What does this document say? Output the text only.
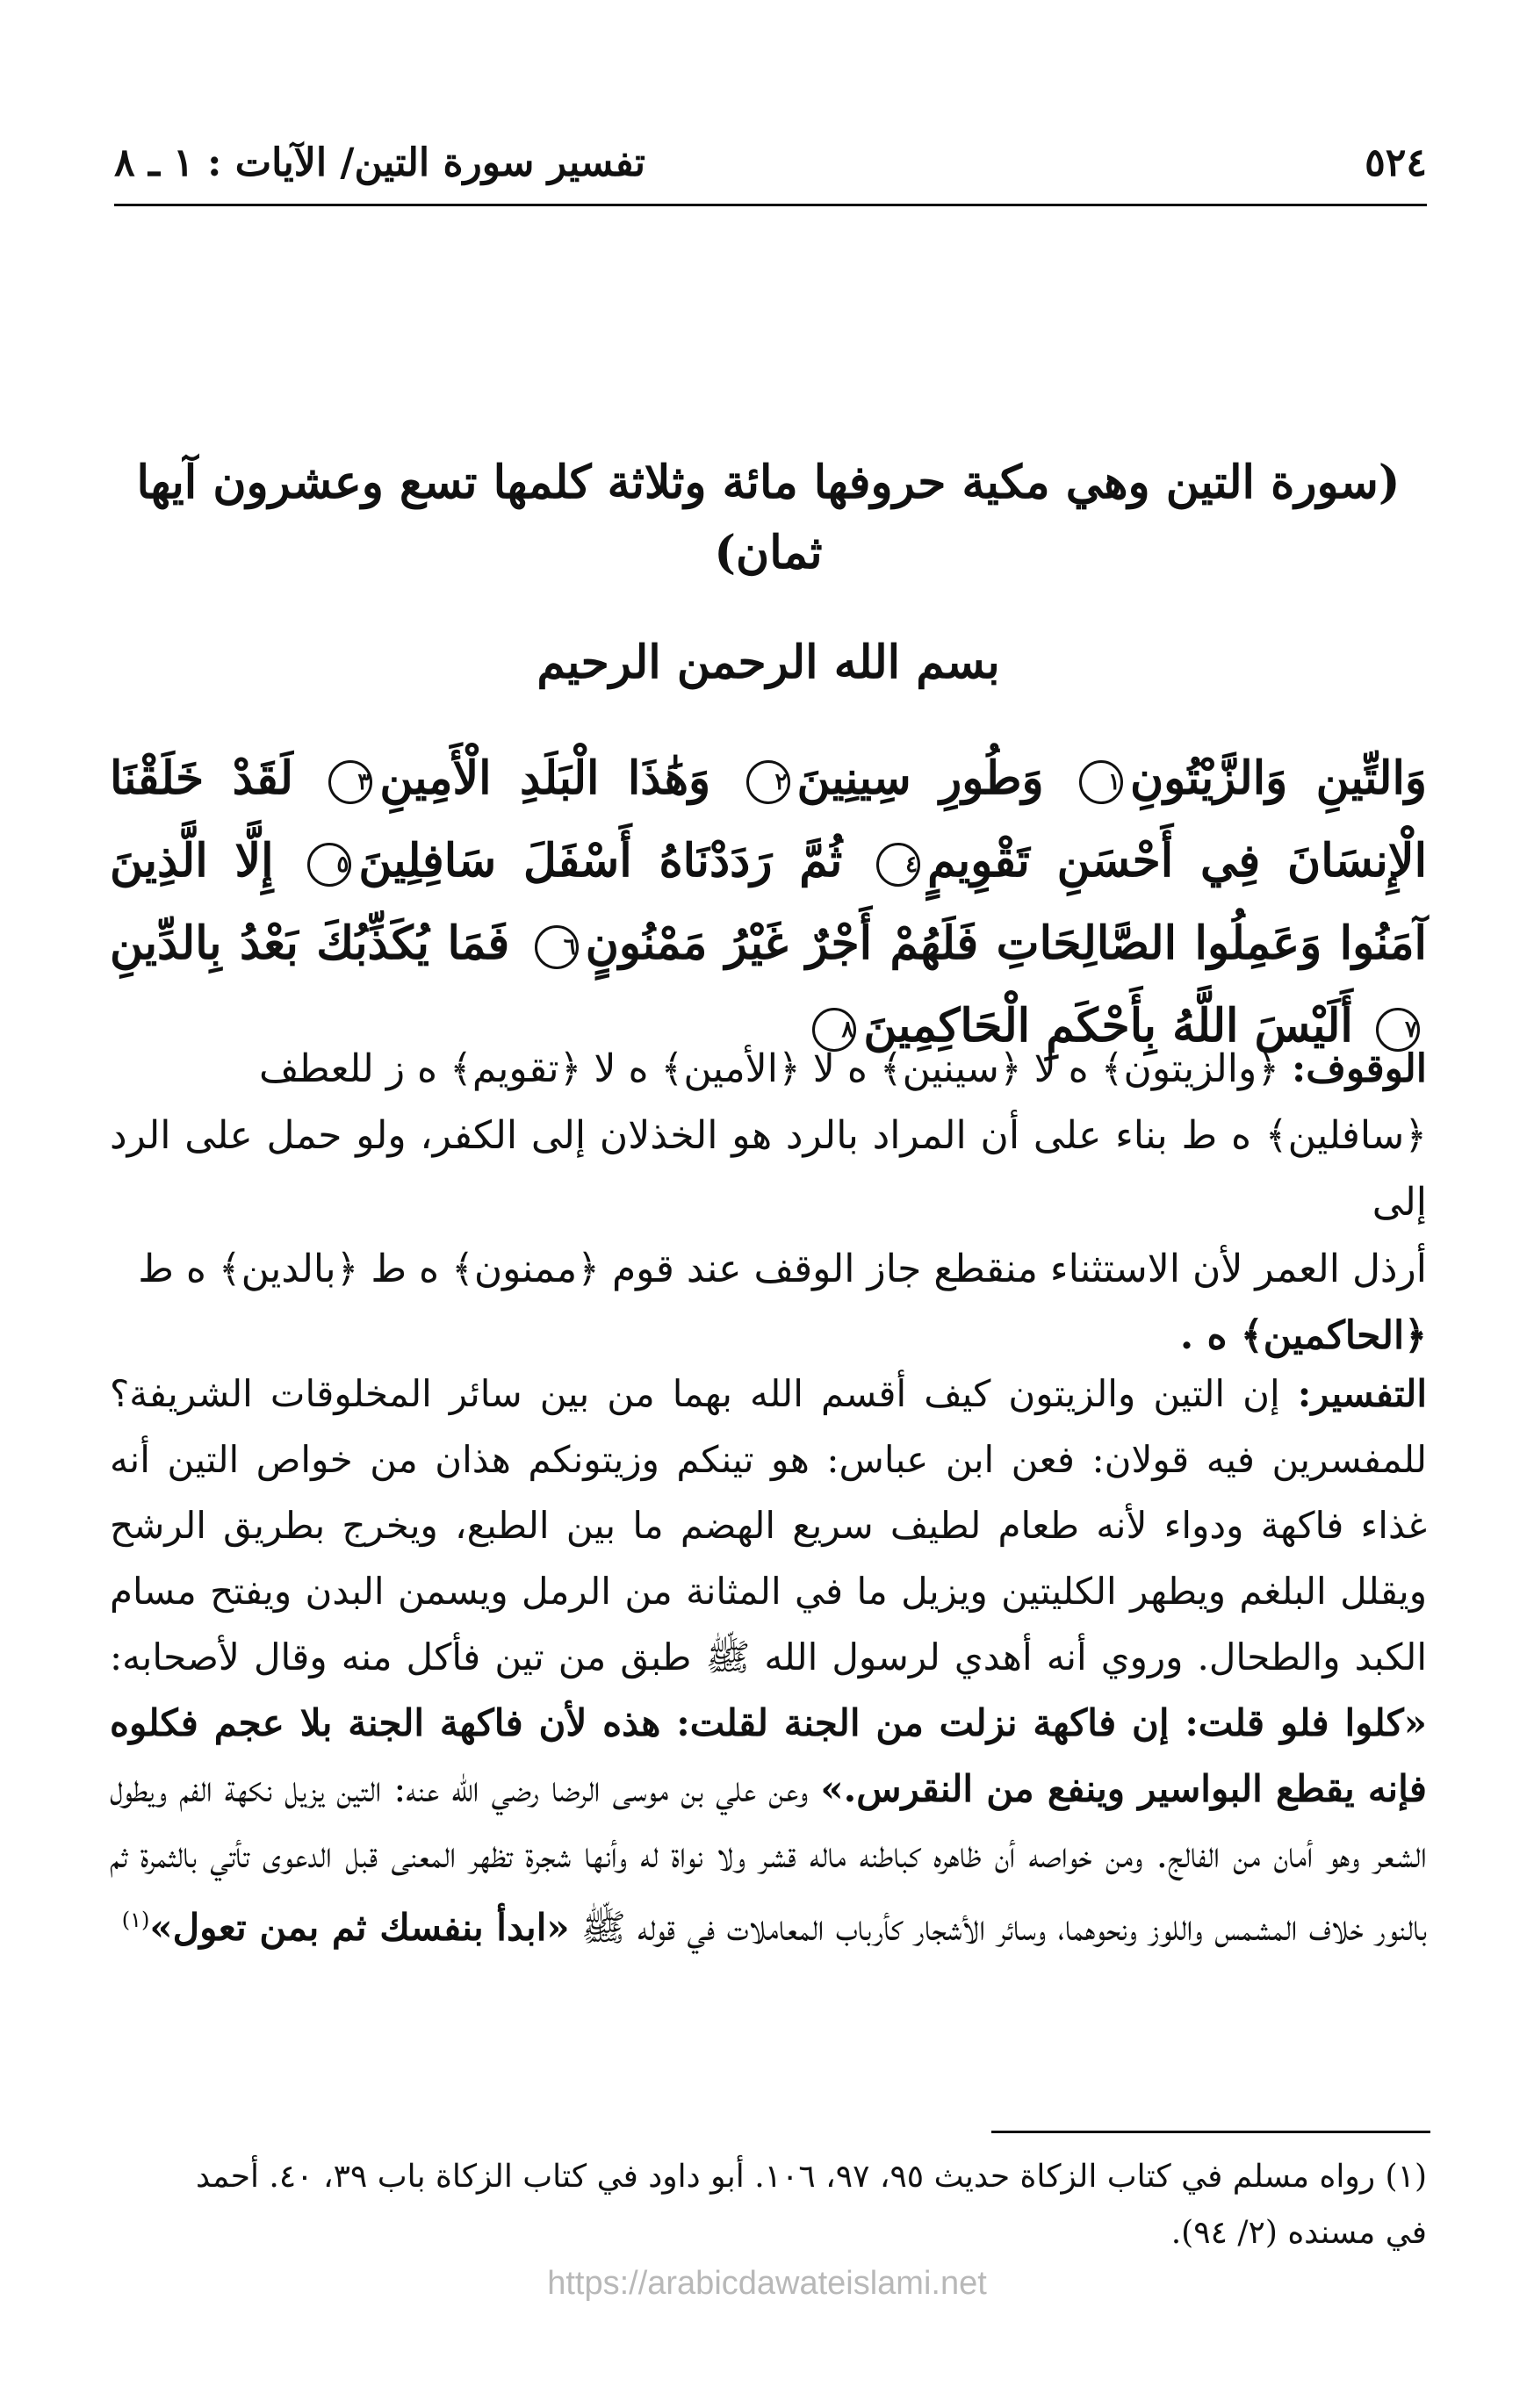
٥٢٤
تفسير سورة التين/ الآيات : ١ ـ ٨
(سورة التين وهي مكية حروفها مائة وثلاثة كلمها تسع وعشرون آيها ثمان)
بسم الله الرحمن الرحيم
وَالتِّينِ وَالزَّيْتُونِ١ وَطُورِ سِينِينَ٢ وَهَٰذَا الْبَلَدِ الْأَمِينِ٣ لَقَدْ خَلَقْنَا الْإِنسَانَ فِي أَحْسَنِ تَقْوِيمٍ٤ ثُمَّ رَدَدْنَاهُ أَسْفَلَ سَافِلِينَ٥ إِلَّا الَّذِينَ آمَنُوا وَعَمِلُوا الصَّالِحَاتِ فَلَهُمْ أَجْرٌ غَيْرُ مَمْنُونٍ٦ فَمَا يُكَذِّبُكَ بَعْدُ بِالدِّينِ٧ أَلَيْسَ اللَّهُ بِأَحْكَمِ الْحَاكِمِينَ٨
الوقوف: ﴿والزيتون﴾ ه لا ﴿سينين﴾ ه لا ﴿الأمين﴾ ه لا ﴿تقويم﴾ ه ز للعطف
﴿سافلين﴾ ه ط بناء على أن المراد بالرد هو الخذلان إلى الكفر، ولو حمل على الرد إلى
أرذل العمر لأن الاستثناء منقطع جاز الوقف عند قوم ﴿ممنون﴾ ه ط ﴿بالدين﴾ ه ط
﴿الحاكمين﴾ ه .
التفسير: إن التين والزيتون كيف أقسم الله بهما من بين سائر المخلوقات الشريفة؟ للمفسرين فيه قولان: فعن ابن عباس: هو تينكم وزيتونكم هذان من خواص التين أنه غذاء فاكهة ودواء لأنه طعام لطيف سريع الهضم ما بين الطبع، ويخرج بطريق الرشح ويقلل البلغم ويطهر الكليتين ويزيل ما في المثانة من الرمل ويسمن البدن ويفتح مسام الكبد والطحال. وروي أنه أهدي لرسول الله ﷺ طبق من تين فأكل منه وقال لأصحابه: «كلوا فلو قلت: إن فاكهة نزلت من الجنة لقلت: هذه لأن فاكهة الجنة بلا عجم فكلوه فإنه يقطع البواسير وينفع من النقرس.» وعن علي بن موسى الرضا رضي الله عنه: التين يزيل نكهة الفم ويطول الشعر وهو أمان من الفالج. ومن خواصه أن ظاهره كباطنه ماله قشر ولا نواة له وأنها شجرة تظهر المعنى قبل الدعوى تأتي بالثمرة ثم بالنور خلاف المشمس واللوز ونحوهما، وسائر الأشجار كأرباب المعاملات في قوله ﷺ «ابدأ بنفسك ثم بمن تعول»$^{(١)}$
(١) رواه مسلم في كتاب الزكاة حديث ٩٥، ٩٧، ١٠٦. أبو داود في كتاب الزكاة باب ٣٩، ٤٠. أحمد
في مسنده (٢/ ٩٤).
https://arabicdawateislami.net
